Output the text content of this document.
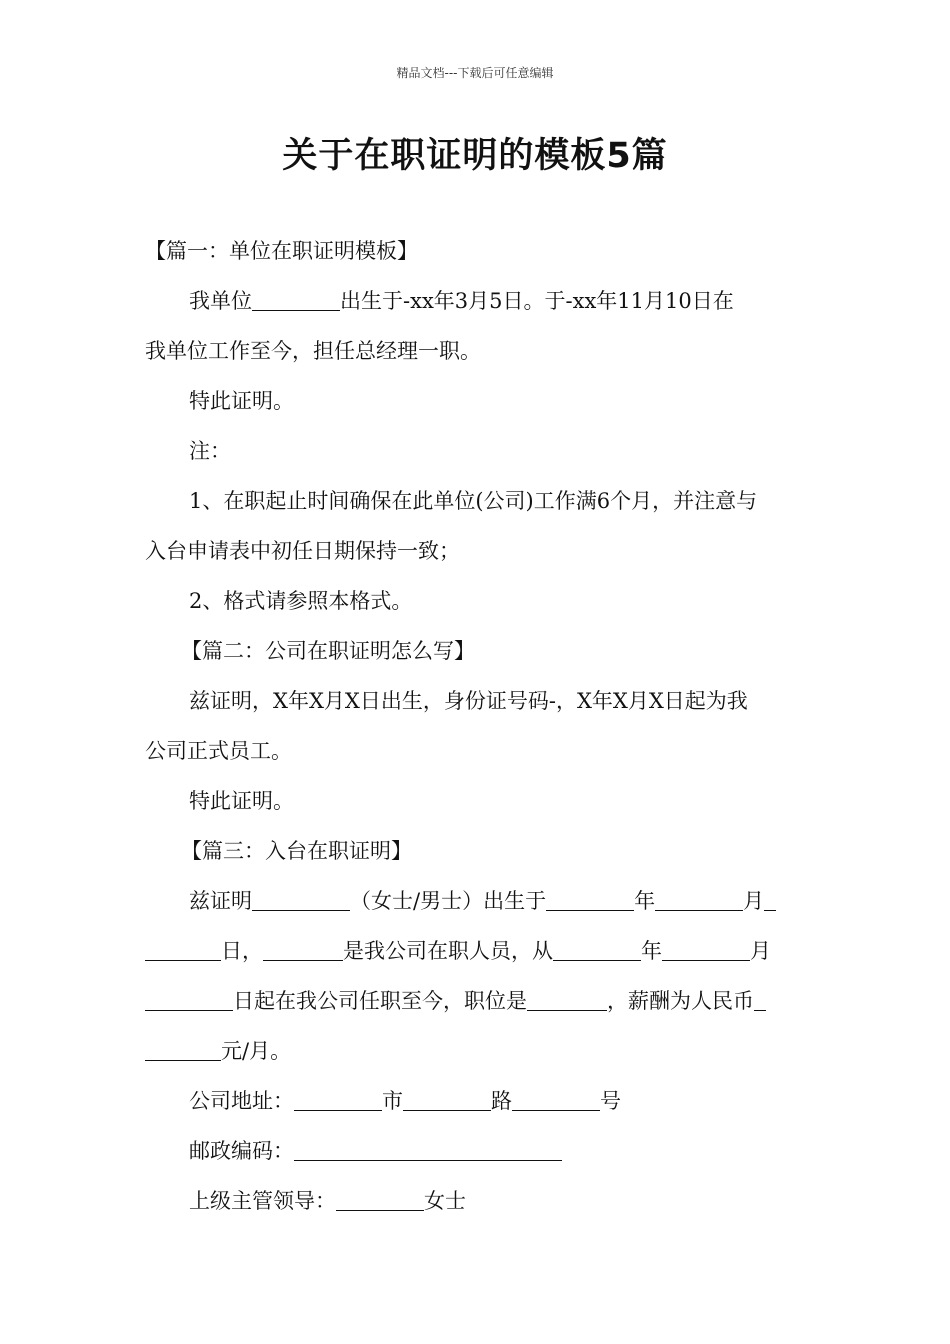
精品文档---下载后可任意编辑
关于在职证明的模板5篇

【篇一：单位在职证明模板】

我单位	出生于-xx年3月5日。于-xx年11月10日在

我单位工作至今，担任总经理一职。

特此证明。

注：

1、在职起止时间确保在此单位(公司)工作满6个月，并注意与

入台申请表中初任日期保持一致；

2、格式请参照本格式。

【篇二：公司在职证明怎么写】

兹证明，X年X月X日出生，身份证号码-，X年X月X日起为我

公司正式员工。

特此证明。

【篇三：入台在职证明】

兹证明	（女士/男士）出生于	年	月

日，	是我公司在职人员，从	年	月

日起在我公司任职至今，职位是	，薪酬为人民币

元/月。

公司地址：	市	路	号

邮政编码：

上级主管领导：	女士
